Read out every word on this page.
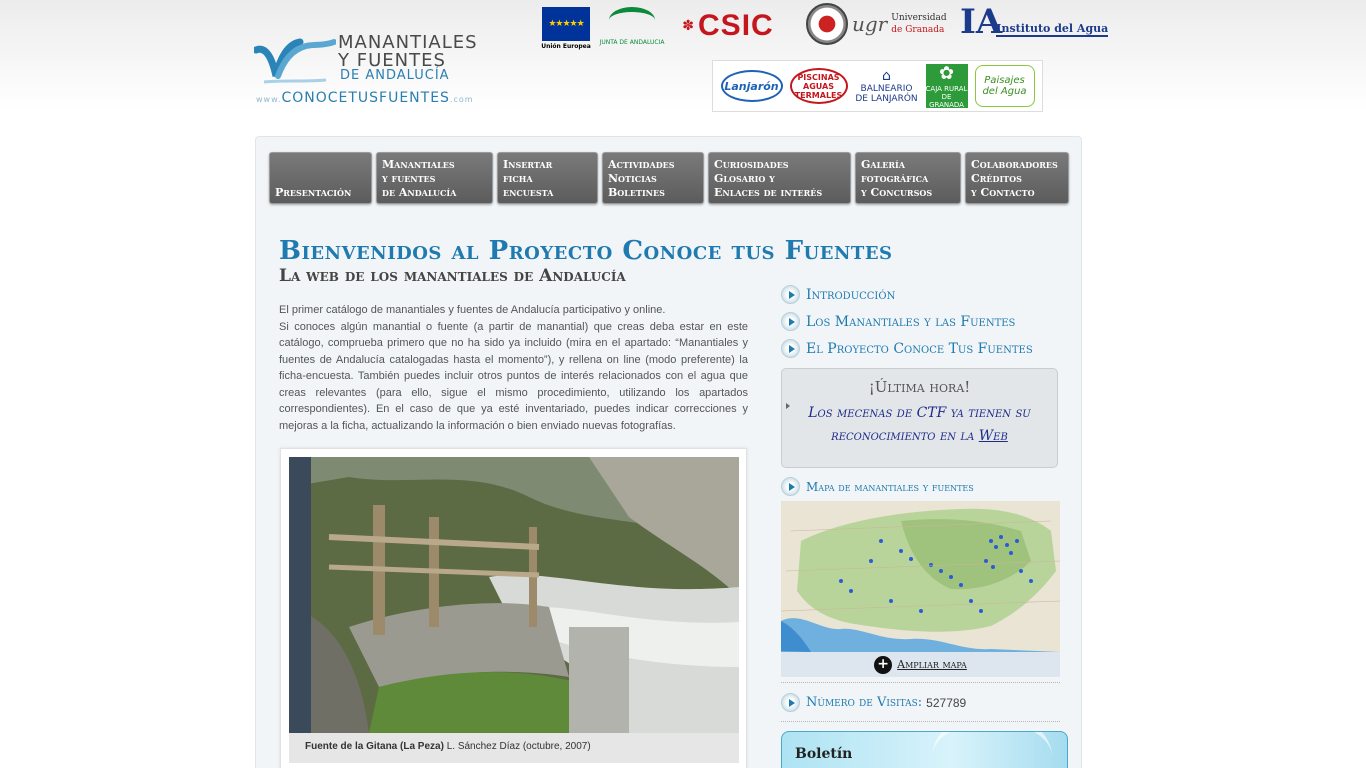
MANANTIALES
Y FUENTES
DE ANDALUCÍA
www.CONOCETUSFUENTES.com
★★★★★
Unión Europea
JUNTA DE ANDALUCIA
✽ CSIC	ugr Universidad
de Granada IA
Instituto del Agua
Lanjarón
PISCINAS AGUAS TERMALES
⌂
BALNEARIO
DE LANJARÓN
✿
CAJA RURAL DE GRANADA
Paisajes
del Agua
Presentación
Manantiales
y fuentes
de Andalucía
Insertar
ficha
encuesta
Actividades
Noticias
Boletines
Curiosidades
Glosario y
Enlaces de interés
Galería
fotográfica
y Concursos
Colaboradores
Créditos
y Contacto
Bienvenidos al Proyecto Conoce tus Fuentes
La web de los manantiales de Andalucía

El primer catálogo de manantiales y fuentes de Andalucía participativo y online.

Si conoces algún manantial o fuente (a partir de manantial) que creas deba estar en este catálogo, comprueba primero que no ha sido ya incluido (mira en el apartado: “Manantiales y fuentes de Andalucía catalogadas hasta el momento”), y rellena on line (modo preferente) la ficha-encuesta. También puedes incluir otros puntos de interés relacionados con el agua que creas relevantes (para ello, sigue el mismo procedimiento, utilizando los apartados correspondientes). En el caso de que ya esté inventariado, puedes indicar correcciones y mejoras a la ficha, actualizando la información o bien enviado nuevas fotografías.

Fuente de la Gitana (La Peza) L. Sánchez Díaz (octubre, 2007)
Introducción
Los Manantiales y las Fuentes
El Proyecto Conoce Tus Fuentes
¡Última hora!
Los mecenas de CTF ya tienen su
reconocimiento en la Web
Mapa de manantiales y fuentes
+ Ampliar mapa
Número de Visitas: 527789
Boletín
